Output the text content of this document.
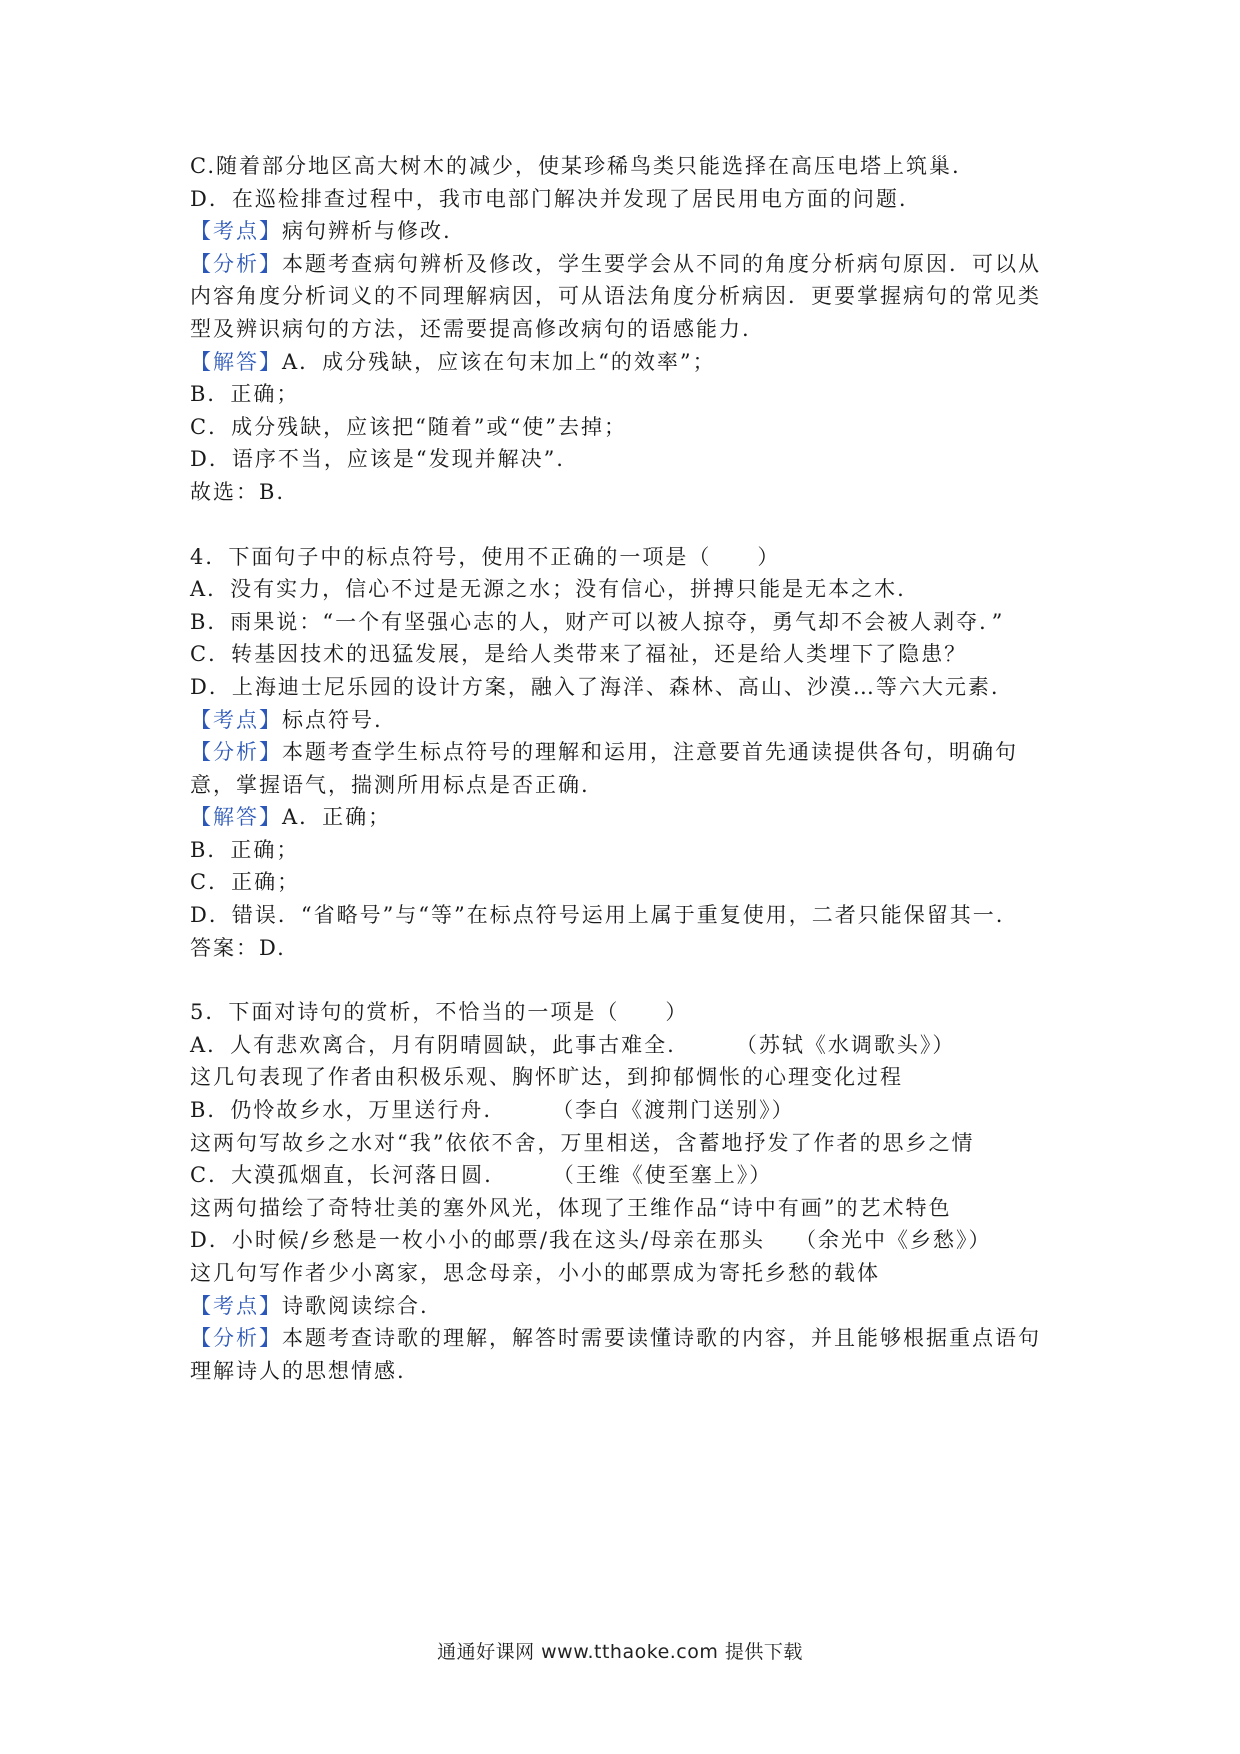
C.随着部分地区高大树木的减少，使某珍稀鸟类只能选择在高压电塔上筑巢.
D．在巡检排查过程中，我市电部门解决并发现了居民用电方面的问题.
【考点】病句辨析与修改.
【分析】本题考查病句辨析及修改，学生要学会从不同的角度分析病句原因．可以从内容角度分析词义的不同理解病因，可从语法角度分析病因．更要掌握病句的常见类型及辨识病句的方法，还需要提高修改病句的语感能力.
【解答】A．成分残缺，应该在句末加上“的效率”；
B．正确；
C．成分残缺，应该把“随着”或“使”去掉；
D．语序不当，应该是“发现并解决”.
故选：B.
4．下面句子中的标点符号，使用不正确的一项是（　　）
A．没有实力，信心不过是无源之水；没有信心，拼搏只能是无本之木.
B．雨果说：“一个有坚强心志的人，财产可以被人掠夺，勇气却不会被人剥夺．”
C．转基因技术的迅猛发展，是给人类带来了福祉，还是给人类埋下了隐患？
D．上海迪士尼乐园的设计方案，融入了海洋、森林、高山、沙漠…等六大元素.
【考点】标点符号.
【分析】本题考查学生标点符号的理解和运用，注意要首先通读提供各句，明确句意，掌握语气，揣测所用标点是否正确.
【解答】A．正确；
B．正确；
C．正确；
D．错误．“省略号”与“等”在标点符号运用上属于重复使用，二者只能保留其一.
答案：D.
5．下面对诗句的赏析，不恰当的一项是（　　）
A．人有悲欢离合，月有阴晴圆缺，此事古难全.	（苏轼《水调歌头》）
这几句表现了作者由积极乐观、胸怀旷达，到抑郁惆怅的心理变化过程
B．仍怜故乡水，万里送行舟.	（李白《渡荆门送别》）
这两句写故乡之水对“我”依依不舍，万里相送，含蓄地抒发了作者的思乡之情
C．大漠孤烟直，长河落日圆.	（王维《使至塞上》）
这两句描绘了奇特壮美的塞外风光，体现了王维作品“诗中有画”的艺术特色
D．小时候/乡愁是一枚小小的邮票/我在这头/母亲在那头 （余光中《乡愁》）
这几句写作者少小离家，思念母亲，小小的邮票成为寄托乡愁的载体
【考点】诗歌阅读综合.
【分析】本题考查诗歌的理解，解答时需要读懂诗歌的内容，并且能够根据重点语句理解诗人的思想情感.
通通好课网 www.tthaoke.com 提供下载
